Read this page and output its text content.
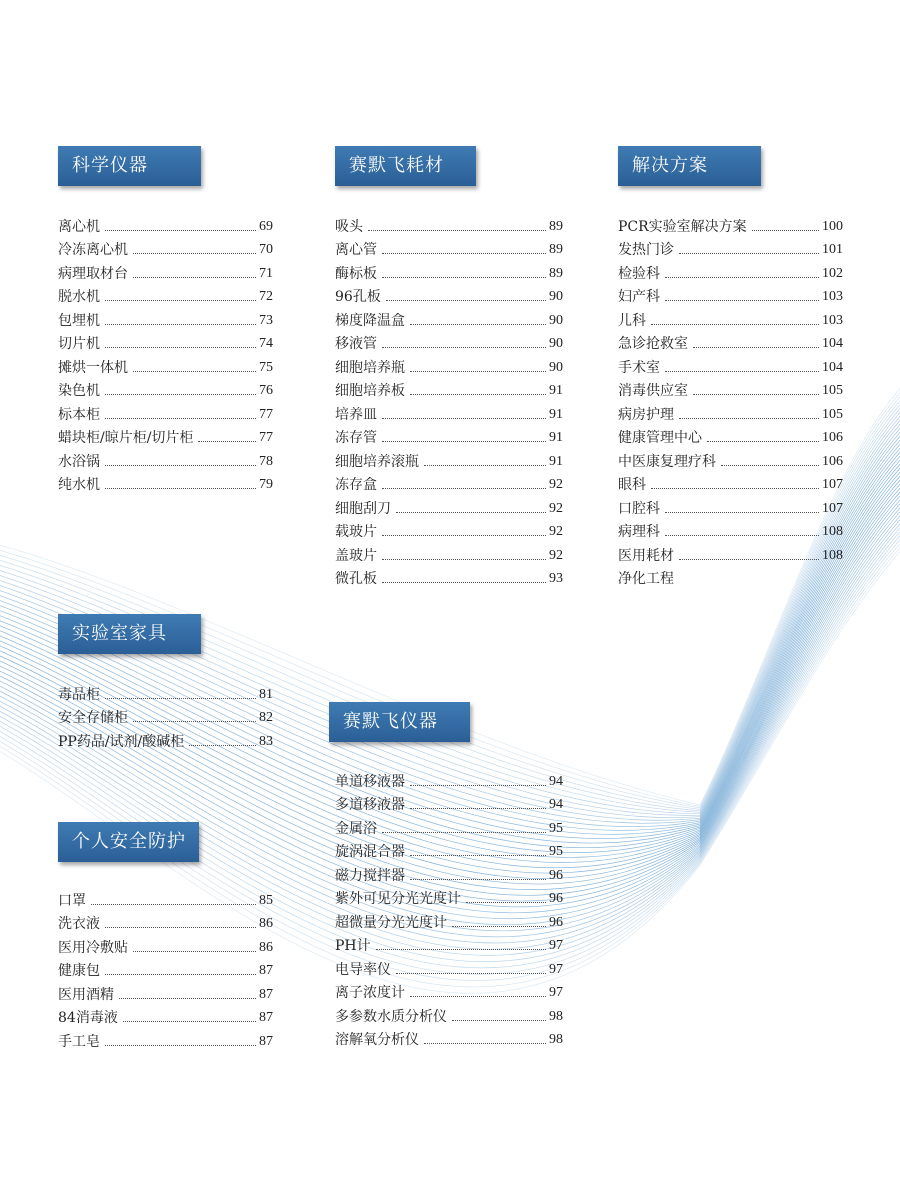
科学仪器	赛默飞耗材	解决方案
实验室家具
赛默飞仪器
个人安全防护
离心机	69
冷冻离心机	70
病理取材台	71
脱水机	72
包埋机	73
切片机	74
摊烘一体机	75
染色机	76
标本柜	77
蜡块柜/晾片柜/切片柜	77
水浴锅	78
纯水机	79
吸头	89
离心管	89
酶标板	89
96孔板	90
梯度降温盒	90
移液管	90
细胞培养瓶	90
细胞培养板	91
培养皿	91
冻存管	91
细胞培养滚瓶	91
冻存盒	92
细胞刮刀	92
载玻片	92
盖玻片	92
微孔板	93
PCR实验室解决方案	100
发热门诊	101
检验科	102
妇产科	103
儿科	103
急诊抢救室	104
手术室	104
消毒供应室	105
病房护理	105
健康管理中心	106
中医康复理疗科	106
眼科	107
口腔科	107
病理科	108
医用耗材	108
净化工程
毒品柜	81
安全存储柜	82
PP药品/试剂/酸碱柜	83
单道移液器	94
多道移液器	94
金属浴	95
旋涡混合器	95
磁力搅拌器	96
紫外可见分光光度计	96
超微量分光光度计	96
PH计	97
电导率仪	97
离子浓度计	97
多参数水质分析仪	98
溶解氧分析仪	98
口罩	85
洗衣液	86
医用冷敷贴	86
健康包	87
医用酒精	87
84消毒液	87
手工皂	87
